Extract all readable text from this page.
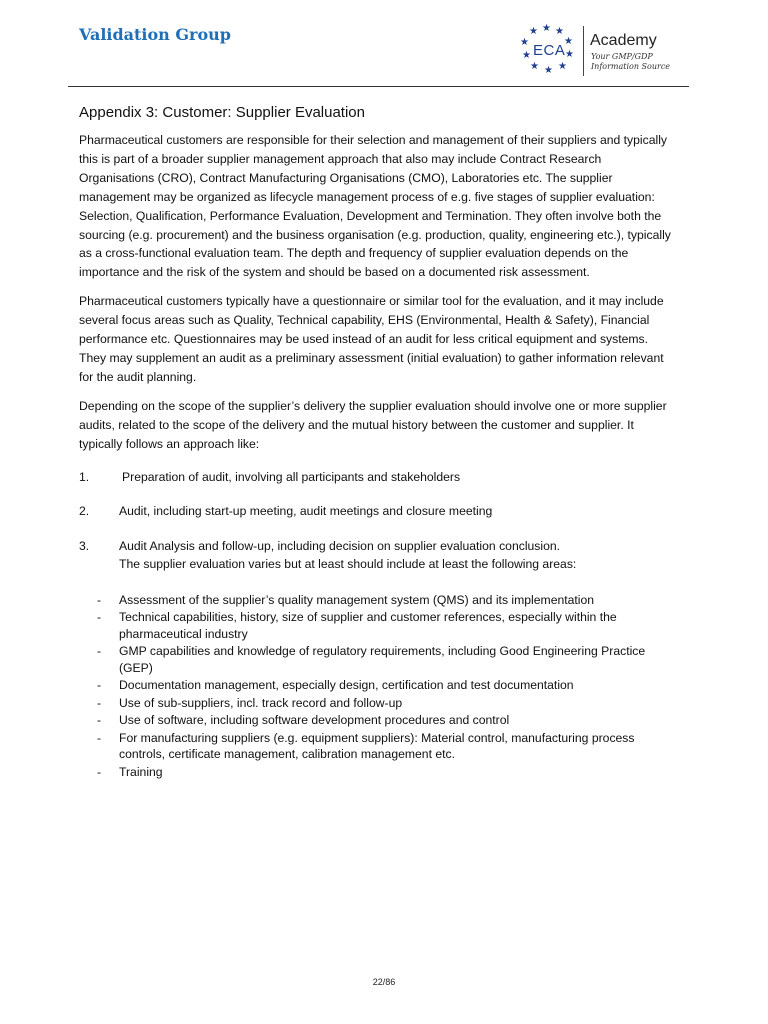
Validation Group	★ ★
★
★
★
★
★
★
★
★
ECA
Academy
Your GMP/GDP Information Source
Appendix 3: Customer: Supplier Evaluation

Pharmaceutical customers are responsible for their selection and management of their suppliers and typically this is part of a broader supplier management approach that also may include Contract Research Organisations (CRO), Contract Manufacturing Organisations (CMO), Laboratories etc. The supplier management may be organized as lifecycle management process of e.g. five stages of supplier evaluation: Selection, Qualification, Performance Evaluation, Development and Termination. They often involve both the sourcing (e.g. procurement) and the business organisation (e.g. production, quality, engineering etc.), typically as a cross-functional evaluation team. The depth and frequency of supplier evaluation depends on the importance and the risk of the system and should be based on a documented risk assessment.

Pharmaceutical customers typically have a questionnaire or similar tool for the evaluation, and it may include several focus areas such as Quality, Technical capability, EHS (Environmental, Health & Safety), Financial performance etc. Questionnaires may be used instead of an audit for less critical equipment and systems. They may supplement an audit as a preliminary assessment (initial evaluation) to gather information relevant for the audit planning.

Depending on the scope of the supplier’s delivery the supplier evaluation should involve one or more supplier audits, related to the scope of the delivery and the mutual history between the customer and supplier. It typically follows an approach like:

1.	Preparation of audit, involving all participants and stakeholders
2. Audit, including start-up meeting, audit meetings and closure meeting
3. Audit Analysis and follow-up, including decision on supplier evaluation conclusion.
The supplier evaluation varies but at least should include at least the following areas:
- Assessment of the supplier’s quality management system (QMS) and its implementation
- Technical capabilities, history, size of supplier and customer references, especially within the pharmaceutical industry
- GMP capabilities and knowledge of regulatory requirements, including Good Engineering Practice (GEP)
- Documentation management, especially design, certification and test documentation
- Use of sub-suppliers, incl. track record and follow-up
- Use of software, including software development procedures and control
- For manufacturing suppliers (e.g. equipment suppliers): Material control, manufacturing process controls, certificate management, calibration management etc.
- Training
22/86
